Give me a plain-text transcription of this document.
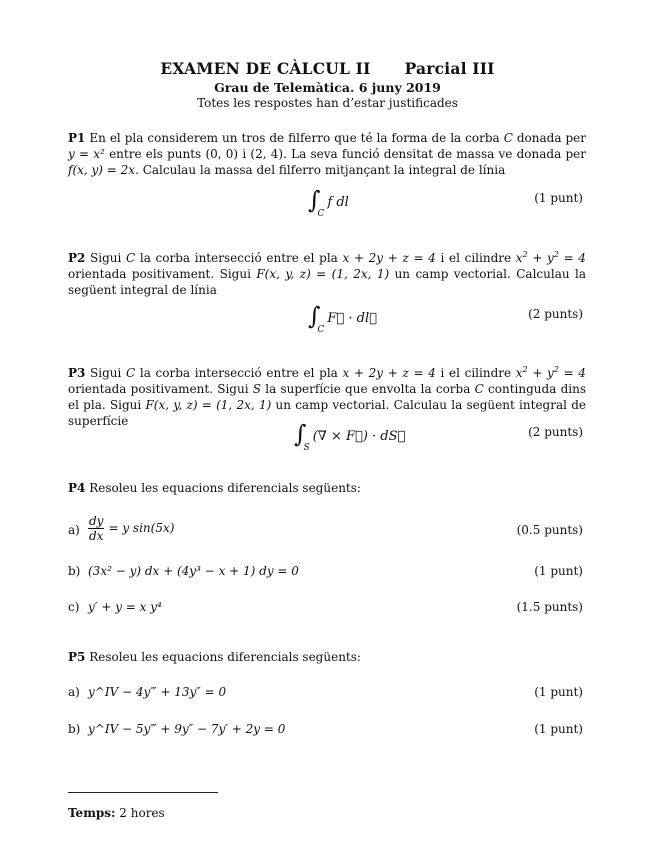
EXAMEN DE CÀLCUL II Parcial III
Grau de Telemàtica. 6 juny 2019
Totes les respostes han d’estar justificades
P1 En el pla considerem un tros de filferro que té la forma de la corba C donada per y = x² entre els punts (0, 0) i (2, 4). La seva funció densitat de massa ve donada per f(x, y) = 2x. Calculau la massa del filferro mitjançant la integral de línia
$\int_Cf$ dl	(1 punt)
P2 Sigui C la corba intersecció entre el pla x + 2y + z = 4 i el cilindre $x^2 + y^2 = 4$ orientada positivament. Sigui F(x, y, z) = (1, 2x, 1) un camp vectorial. Calculau la següent integral de línia
$\int_CF⃗$ · dl⃗	(2 punts)
P3 Sigui C la corba intersecció entre el pla x + 2y + z = 4 i el cilindre $x^2 + y^2 = 4$ orientada positivament. Sigui S la superfície que envolta la corba C continguda dins el pla. Sigui F(x, y, z) = (1, 2x, 1) un camp vectorial. Calculau la següent integral de superfície	$\int_S(\nabla$ × F⃗) · dS⃗	(2 punts)
P4 Resoleu les equacions diferencials següents:
$a) \frac{dy}{dx} = y$ sin(5x)	(0.5 punts)
b) (3x² − y) dx + (4y³ − x + 1) dy = 0	(1 punt)
c) y′ + y = x y⁴	(1.5 punts)
P5 Resoleu les equacions diferencials següents:
a) y^IV − 4y‴ + 13y″ = 0	(1 punt)
b) y^IV − 5y‴ + 9y″ − 7y′ + 2y = 0	(1 punt)
Temps: 2 hores
